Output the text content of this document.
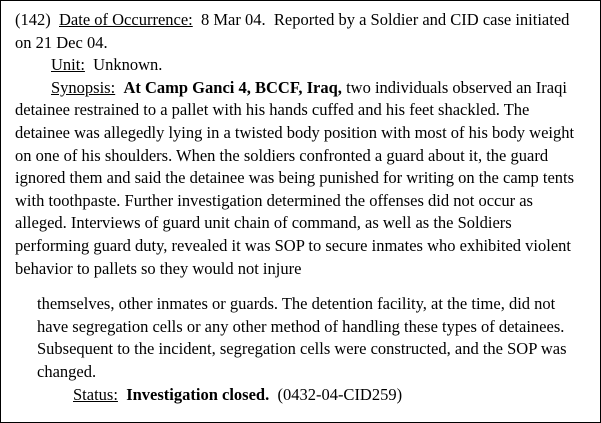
(142) Date of Occurrence: 8 Mar 04. Reported by a Soldier and CID case initiated on 21 Dec 04.

Unit: Unknown.

Synopsis: At Camp Ganci 4, BCCF, Iraq, two individuals observed an Iraqi detainee restrained to a pallet with his hands cuffed and his feet shackled. The detainee was allegedly lying in a twisted body position with most of his body weight on one of his shoulders. When the soldiers confronted a guard about it, the guard ignored them and said the detainee was being punished for writing on the camp tents with toothpaste. Further investigation determined the offenses did not occur as alleged. Interviews of guard unit chain of command, as well as the Soldiers performing guard duty, revealed it was SOP to secure inmates who exhibited violent behavior to pallets so they would not injure

themselves, other inmates or guards. The detention facility, at the time, did not have segregation cells or any other method of handling these types of detainees. Subsequent to the incident, segregation cells were constructed, and the SOP was changed.

Status: Investigation closed. (0432-04-CID259)
